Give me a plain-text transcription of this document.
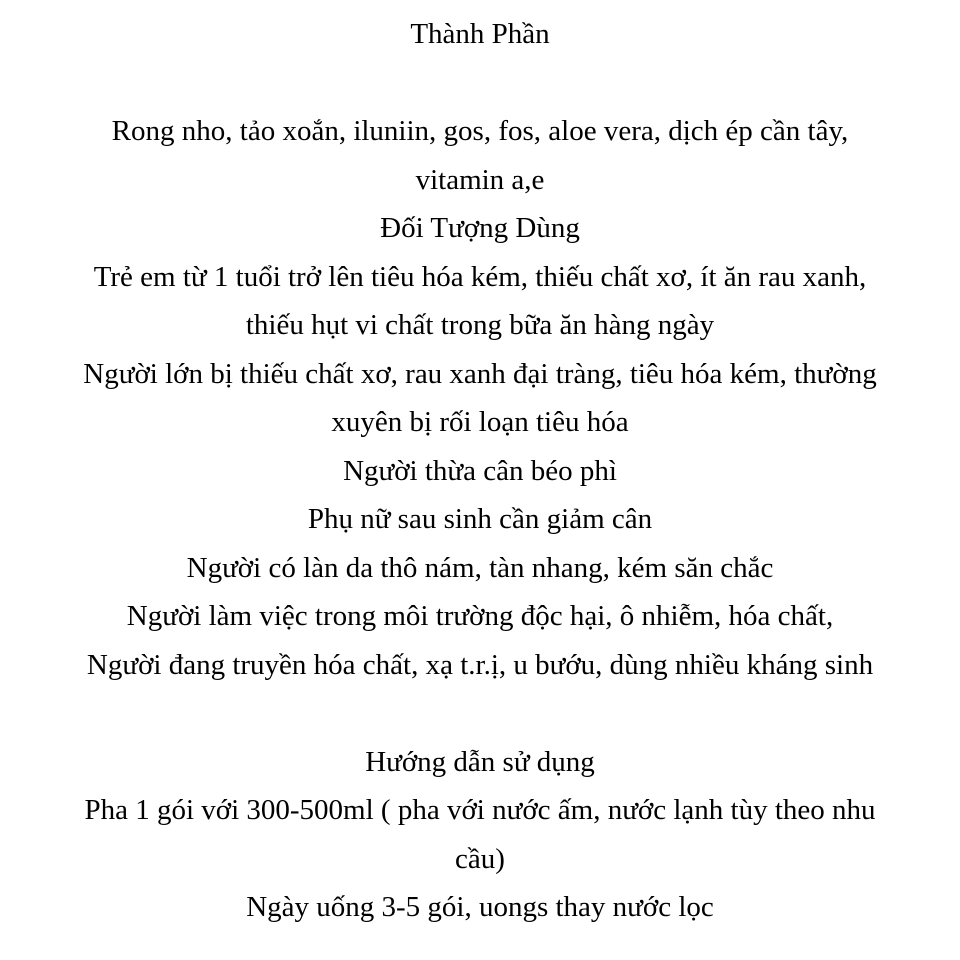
Thành Phần
Rong nho, tảo xoắn, iluniin, gos, fos, aloe vera, dịch ép cần tây,
vitamin a,e
Đối Tượng Dùng
Trẻ em từ 1 tuổi trở lên tiêu hóa kém, thiếu chất xơ, ít ăn rau xanh,
thiếu hụt vi chất trong bữa ăn hàng ngày
Người lớn bị thiếu chất xơ, rau xanh đại tràng, tiêu hóa kém, thường
xuyên bị rối loạn tiêu hóa
Người thừa cân béo phì
Phụ nữ sau sinh cần giảm cân
Người có làn da thô nám, tàn nhang, kém săn chắc
Người làm việc trong môi trường độc hại, ô nhiễm, hóa chất,
Người đang truyền hóa chất, xạ t.r.ị, u bướu, dùng nhiều kháng sinh
Hướng dẫn sử dụng
Pha 1 gói với 300-500ml ( pha với nước ấm, nước lạnh tùy theo nhu
cầu)
Ngày uống 3-5 gói, uongs thay nước lọc
